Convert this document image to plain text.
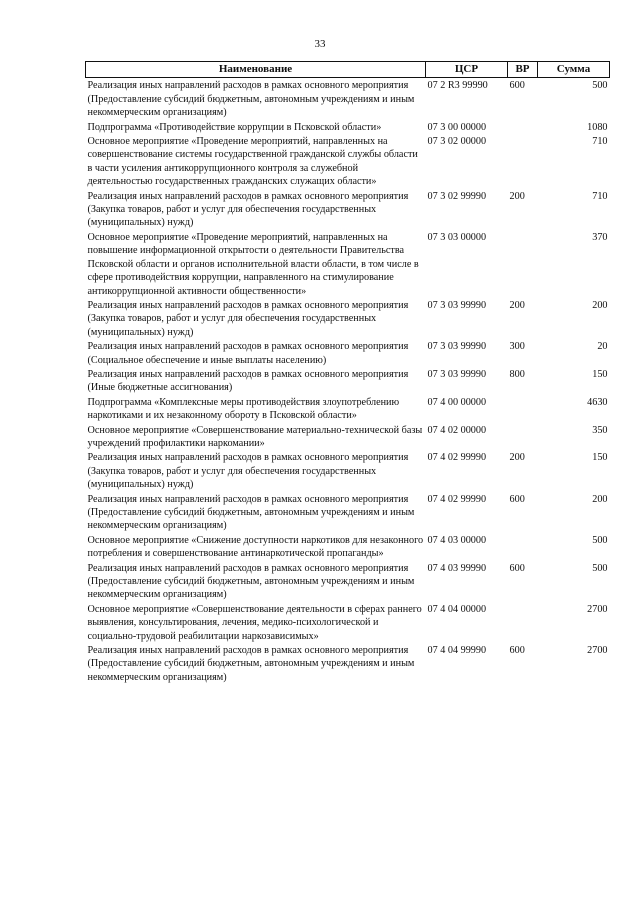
33
Наименование	ЦСР	ВР	Сумма
Реализация иных направлений расходов в рамках основного мероприятия (Предоставление субсидий бюджетным, автономным учреждениям и иным некоммерческим организациям)	07 2 R3 99990	600	500
Подпрограмма «Противодействие коррупции в Псковской области»	07 3 00 00000		1080
Основное мероприятие «Проведение мероприятий, направленных на совершенствование системы государственной гражданской службы области в части усиления антикоррупционного контроля за служебной деятельностью государственных гражданских служащих области»	07 3 02 00000		710
Реализация иных направлений расходов в рамках основного мероприятия (Закупка товаров, работ и услуг для обеспечения государственных (муниципальных) нужд)	07 3 02 99990	200	710
Основное мероприятие «Проведение мероприятий, направленных на повышение информационной открытости о деятельности Правительства Псковской области и органов исполнительной власти области, в том числе в сфере противодействия коррупции, направленного на стимулирование антикоррупционной активности общественности»	07 3 03 00000		370
Реализация иных направлений расходов в рамках основного мероприятия (Закупка товаров, работ и услуг для обеспечения государственных (муниципальных) нужд)	07 3 03 99990	200	200
Реализация иных направлений расходов в рамках основного мероприятия (Социальное обеспечение и иные выплаты населению)	07 3 03 99990	300	20
Реализация иных направлений расходов в рамках основного мероприятия (Иные бюджетные ассигнования)	07 3 03 99990	800	150
Подпрограмма «Комплексные меры противодействия злоупотреблению наркотиками и их незаконному обороту в Псковской области»	07 4 00 00000		4630
Основное мероприятие «Совершенствование материально-технической базы учреждений профилактики наркомании»	07 4 02 00000		350
Реализация иных направлений расходов в рамках основного мероприятия (Закупка товаров, работ и услуг для обеспечения государственных (муниципальных) нужд)	07 4 02 99990	200	150
Реализация иных направлений расходов в рамках основного мероприятия (Предоставление субсидий бюджетным, автономным учреждениям и иным некоммерческим организациям)	07 4 02 99990	600	200
Основное мероприятие «Снижение доступности наркотиков для незаконного потребления и совершенствование антинаркотической пропаганды»	07 4 03 00000		500
Реализация иных направлений расходов в рамках основного мероприятия (Предоставление субсидий бюджетным, автономным учреждениям и иным некоммерческим организациям)	07 4 03 99990	600	500
Основное мероприятие «Совершенствование деятельности в сферах раннего выявления, консультирования, лечения, медико-психологической и социально-трудовой реабилитации наркозависимых»	07 4 04 00000		2700
Реализация иных направлений расходов в рамках основного мероприятия (Предоставление субсидий бюджетным, автономным учреждениям и иным некоммерческим организациям)	07 4 04 99990	600	2700
